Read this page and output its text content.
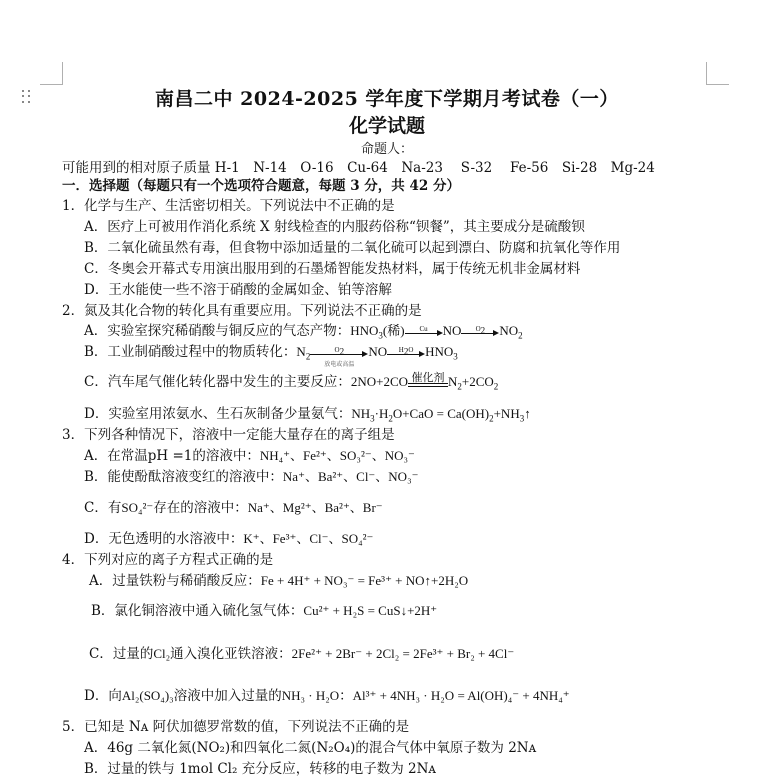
南昌二中 2024-2025 学年度下学期月考试卷（一）
化学试题
命题人：
可能用到的相对原子质量 H-1　N-14　O-16　Cu-64　Na-23　 S-32　 Fe-56　Si-28　Mg-24
一．选择题（每题只有一个选项符合题意，每题 3 分，共 42 分）
1．化学与生产、生活密切相关。下列说法中不正确的是
A．医疗上可被用作消化系统 X 射线检查的内服药俗称“钡餐”，其主要成分是硫酸钡
B．二氧化硫虽然有毒，但食物中添加适量的二氧化硫可以起到漂白、防腐和抗氧化等作用
C．冬奥会开幕式专用演出服用到的石墨烯智能发热材料，属于传统无机非金属材料
D．王水能使一些不溶于硝酸的金属如金、铂等溶解
2．氮及其化合物的转化具有重要应用。下列说法不正确的是
A．实验室探究稀硝酸与铜反应的气态产物：$HNO_3$(稀)	Cu	NO	$O_2$	$NO_2$
B．工业制硝酸过程中的物质转化：$N_2$
$O_2$
放电或高温
NO	$H_2O$ $HNO_3$
C．汽车尾气催化转化器中发生的主要反应：2NO+2CO 催化剂 $N_2+2CO_2$
D．实验室用浓氨水、生石灰制备少量氨气：$NH_3\cdot H_2O+CaO$ = $Ca(OH)_2+NH_3↑$
3．下列各种情况下，溶液中一定能大量存在的离子组是
A．在常温pH =1的溶液中：NH₄⁺、Fe²⁺、SO₃²⁻、NO₃⁻
B．能使酚酞溶液变红的溶液中：Na⁺、Ba²⁺、Cl⁻、NO₃⁻
C．有SO₄²⁻存在的溶液中：Na⁺、Mg²⁺、Ba²⁺、Br⁻
D．无色透明的水溶液中：K⁺、Fe³⁺、Cl⁻、SO₄²⁻
4．下列对应的离子方程式正确的是
A．过量铁粉与稀硝酸反应：Fe + 4H⁺ + NO₃⁻ = Fe³⁺ + NO↑+2H₂O
B．氯化铜溶液中通入硫化氢气体：Cu²⁺ + H₂S = CuS↓+2H⁺
C．过量的Cl₂通入溴化亚铁溶液：2Fe²⁺ + 2Br⁻ + 2Cl₂ = 2Fe³⁺ + Br₂ + 4Cl⁻
D．向Al₂(SO₄)₃溶液中加入过量的NH₃ · H₂O：Al³⁺ + 4NH₃ · H₂O = Al(OH)₄⁻ + 4NH₄⁺
5．已知是 Nᴀ 阿伏加德罗常数的值，下列说法不正确的是
A．46g 二氧化氮(NO₂)和四氧化二氮(N₂O₄)的混合气体中氧原子数为 2Nᴀ
B．过量的铁与 1mol Cl₂ 充分反应，转移的电子数为 2Nᴀ
